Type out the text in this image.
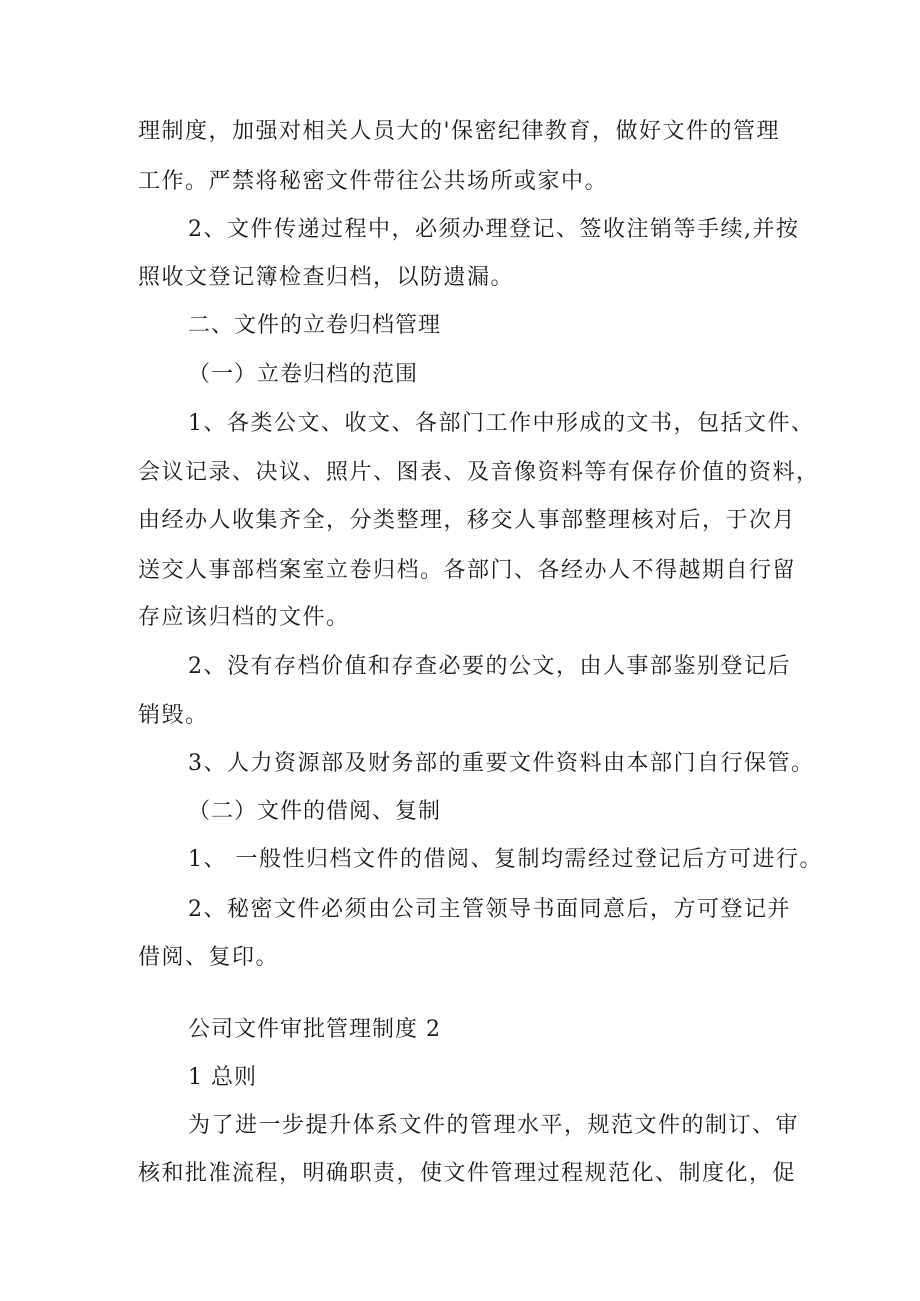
理制度，加强对相关人员大的'保密纪律教育，做好文件的管理
工作。严禁将秘密文件带往公共场所或家中。
2、文件传递过程中，必须办理登记、签收注销等手续,并按
照收文登记簿检查归档，以防遗漏。
二、文件的立卷归档管理
（一）立卷归档的范围
1、各类公文、收文、各部门工作中形成的文书，包括文件、
会议记录、决议、照片、图表、及音像资料等有保存价值的资料，
由经办人收集齐全，分类整理，移交人事部整理核对后，于次月
送交人事部档案室立卷归档。各部门、各经办人不得越期自行留
存应该归档的文件。
2、没有存档价值和存查必要的公文，由人事部鉴别登记后
销毁。
3、人力资源部及财务部的重要文件资料由本部门自行保管。
（二）文件的借阅、复制
1、 一般性归档文件的借阅、复制均需经过登记后方可进行。
2、秘密文件必须由公司主管领导书面同意后，方可登记并
借阅、复印。
公司文件审批管理制度 2
1 总则
为了进一步提升体系文件的管理水平，规范文件的制订、审
核和批准流程，明确职责，使文件管理过程规范化、制度化，促
